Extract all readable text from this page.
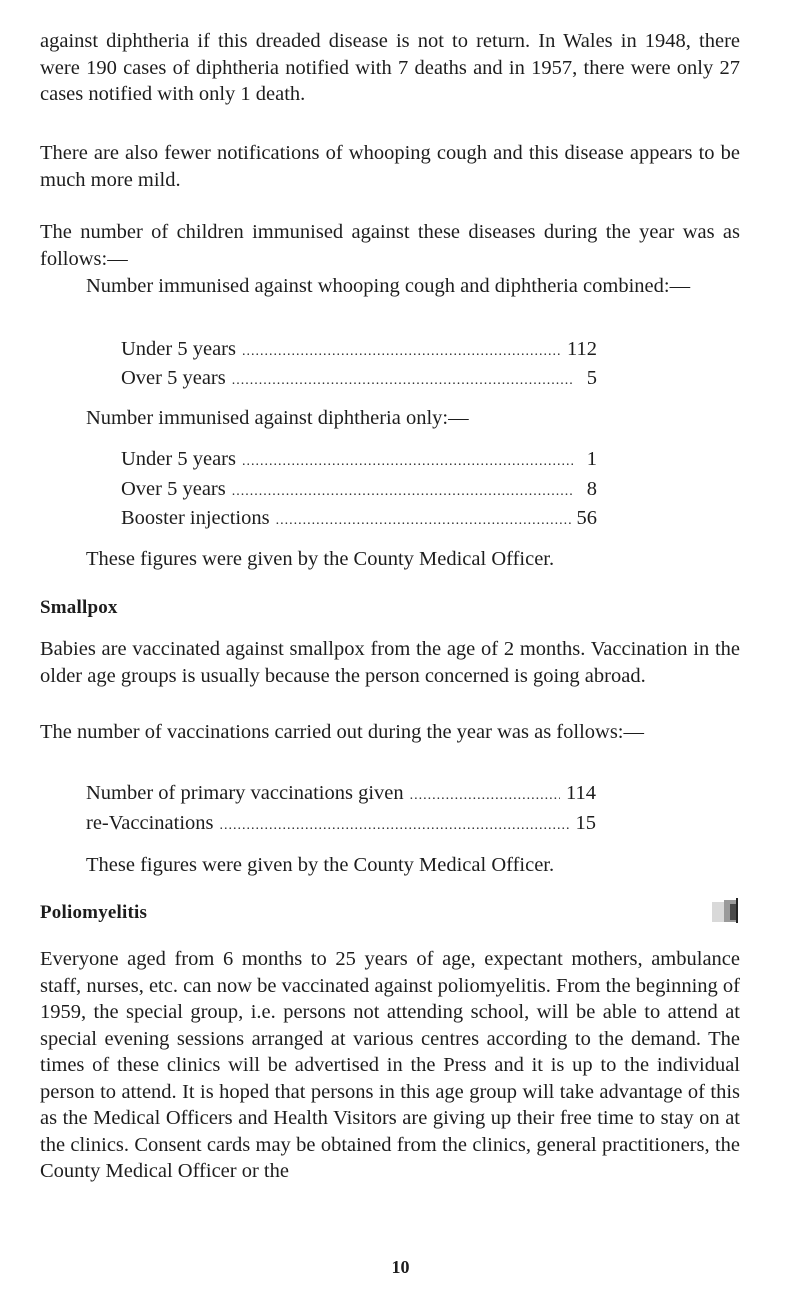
against diphtheria if this dreaded disease is not to return. In Wales in 1948, there were 190 cases of diphtheria notified with 7 deaths and in 1957, there were only 27 cases notified with only 1 death.

There are also fewer notifications of whooping cough and this disease appears to be much more mild.

The number of children immunised against these diseases during the year was as follows:—

Number immunised against whooping cough and diphtheria combined:—

Under 5 years .....	112
Over 5 years .....	5

Number immunised against diphtheria only:—

Under 5 years .....	1
Over 5 years .....	8
Booster injections .....	56

These figures were given by the County Medical Officer.

Smallpox

Babies are vaccinated against smallpox from the age of 2 months. Vaccination in the older age groups is usually because the person concerned is going abroad.

The number of vaccinations carried out during the year was as follows:—

Number of primary vaccinations given .....	114
re-Vaccinations .....	15

These figures were given by the County Medical Officer.

Poliomyelitis

Everyone aged from 6 months to 25 years of age, expectant mothers, ambulance staff, nurses, etc. can now be vaccinated against poliomyelitis. From the beginning of 1959, the special group, i.e. persons not attending school, will be able to attend at special evening sessions arranged at various centres according to the demand. The times of these clinics will be advertised in the Press and it is up to the individual person to attend. It is hoped that persons in this age group will take advantage of this as the Medical Officers and Health Visitors are giving up their free time to stay on at the clinics. Consent cards may be obtained from the clinics, general practitioners, the County Medical Officer or the

10
